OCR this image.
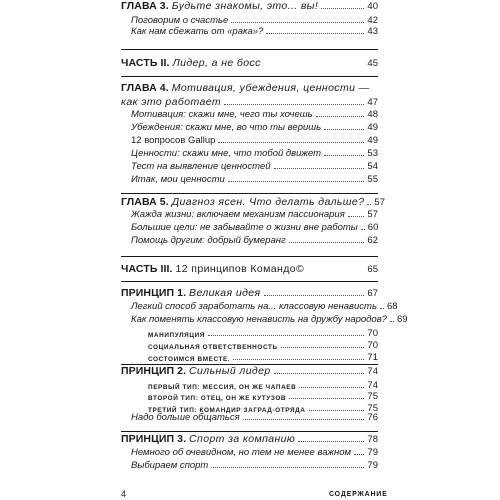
ГЛАВА 3. Будьте знакомы, это... вы!	40
Поговорим о счастье	42
Как нам сбежать от «рака»?	43
ЧАСТЬ II. Лидер, а не босс	45
ГЛАВА 4. Мотивация, убеждения, ценности —
как это работает	47
Мотивация: скажи мне, чего ты хочешь	48
Убеждения: скажи мне, во что ты веришь	49
12 вопросов Gallup	49
Ценности: скажи мне, что тобой движет	53
Тест на выявление ценностей	54
Итак, мои ценности	55
ГЛАВА 5. Диагноз ясен. Что делать дальше? 57
Жажда жизни: включаем механизм пассионария 57
Большие цели: не забывайте о жизни вне работы 60
Помощь другим: добрый бумеранг	62
ЧАСТЬ III. 12 принципов Командо©	65
ПРИНЦИП 1. Великая идея	67
Легкий способ заработать на... классовую ненависть 68
Как поменять классовую ненависть на дружбу народов? 69
МАНИПУЛЯЦИЯ	70
СОЦИАЛЬНАЯ ОТВЕТСТВЕННОСТЬ	70
СОСТОИМСЯ ВМЕСТЕ.	71
ПРИНЦИП 2. Сильный лидер	74
ПЕРВЫЙ ТИП: МЕССИЯ, ОН ЖЕ ЧАПАЕВ	74
ВТОРОЙ ТИП: ОТЕЦ, ОН ЖЕ КУТУЗОВ	75
ТРЕТИЙ ТИП: КОМАНДИР ЗАГРАД-ОТРЯДА	75
Надо больше общаться	76
ПРИНЦИП 3. Спорт за компанию	78
Немного об очевидном, но тем не менее важном 79
Выбираем спорт	79
4	СОДЕРЖАНИЕ
